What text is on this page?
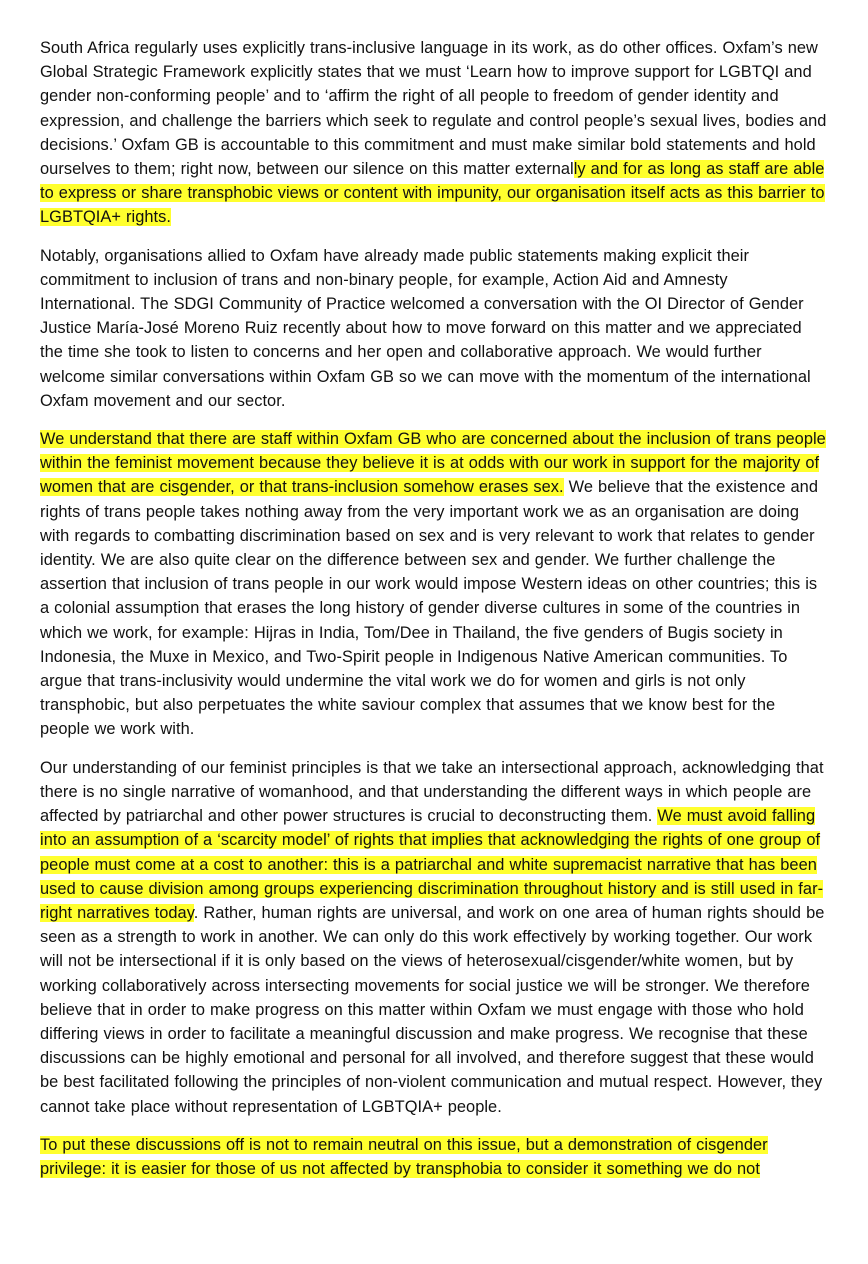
South Africa regularly uses explicitly trans-inclusive language in its work, as do other offices. Oxfam’s new Global Strategic Framework explicitly states that we must ‘Learn how to improve support for LGBTQI and gender non-conforming people’ and to ‘affirm the right of all people to freedom of gender identity and expression, and challenge the barriers which seek to regulate and control people’s sexual lives, bodies and decisions.’ Oxfam GB is accountable to this commitment and must make similar bold statements and hold ourselves to them; right now, between our silence on this matter externally and for as long as staff are able to express or share transphobic views or content with impunity, our organisation itself acts as this barrier to LGBTQIA+ rights.

Notably, organisations allied to Oxfam have already made public statements making explicit their commitment to inclusion of trans and non-binary people, for example, Action Aid and Amnesty International. The SDGI Community of Practice welcomed a conversation with the OI Director of Gender Justice María-José Moreno Ruiz recently about how to move forward on this matter and we appreciated the time she took to listen to concerns and her open and collaborative approach. We would further welcome similar conversations within Oxfam GB so we can move with the momentum of the international Oxfam movement and our sector.

We understand that there are staff within Oxfam GB who are concerned about the inclusion of trans people within the feminist movement because they believe it is at odds with our work in support for the majority of women that are cisgender, or that trans-inclusion somehow erases sex. We believe that the existence and rights of trans people takes nothing away from the very important work we as an organisation are doing with regards to combatting discrimination based on sex and is very relevant to work that relates to gender identity. We are also quite clear on the difference between sex and gender. We further challenge the assertion that inclusion of trans people in our work would impose Western ideas on other countries; this is a colonial assumption that erases the long history of gender diverse cultures in some of the countries in which we work, for example: Hijras in India, Tom/Dee in Thailand, the five genders of Bugis society in Indonesia, the Muxe in Mexico, and Two-Spirit people in Indigenous Native American communities. To argue that trans-inclusivity would undermine the vital work we do for women and girls is not only transphobic, but also perpetuates the white saviour complex that assumes that we know best for the people we work with.

Our understanding of our feminist principles is that we take an intersectional approach, acknowledging that there is no single narrative of womanhood, and that understanding the different ways in which people are affected by patriarchal and other power structures is crucial to deconstructing them. We must avoid falling into an assumption of a ‘scarcity model’ of rights that implies that acknowledging the rights of one group of people must come at a cost to another: this is a patriarchal and white supremacist narrative that has been used to cause division among groups experiencing discrimination throughout history and is still used in far-right narratives today. Rather, human rights are universal, and work on one area of human rights should be seen as a strength to work in another. We can only do this work effectively by working together. Our work will not be intersectional if it is only based on the views of heterosexual/cisgender/white women, but by working collaboratively across intersecting movements for social justice we will be stronger. We therefore believe that in order to make progress on this matter within Oxfam we must engage with those who hold differing views in order to facilitate a meaningful discussion and make progress. We recognise that these discussions can be highly emotional and personal for all involved, and therefore suggest that these would be best facilitated following the principles of non-violent communication and mutual respect. However, they cannot take place without representation of LGBTQIA+ people.

To put these discussions off is not to remain neutral on this issue, but a demonstration of cisgender privilege: it is easier for those of us not affected by transphobia to consider it something we do not
